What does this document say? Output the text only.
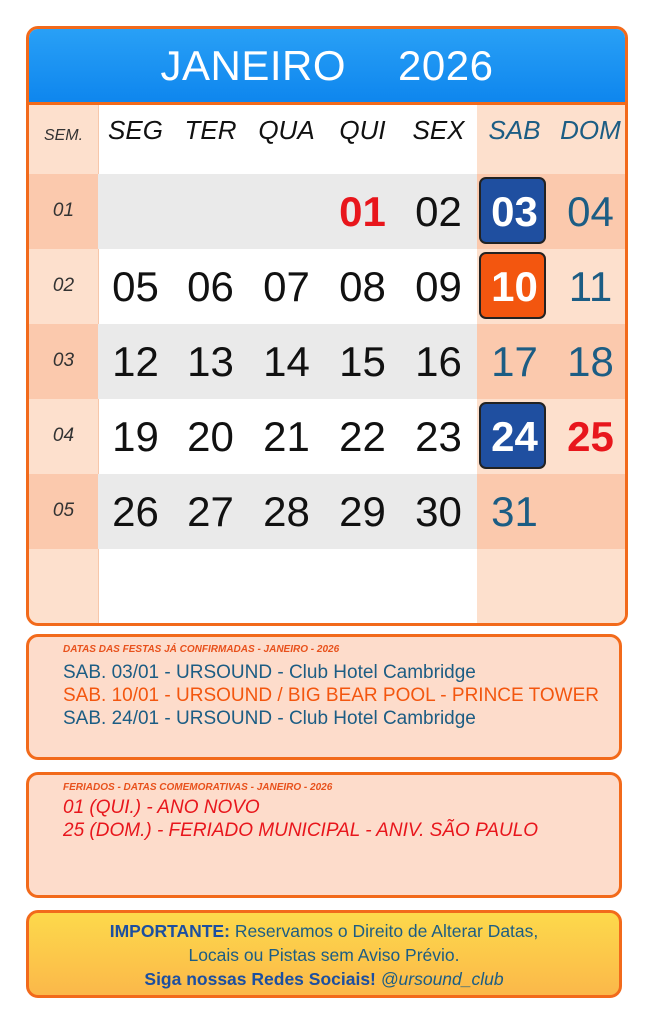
JANEIRO 2026
SEM. SEG TER QUA QUI	SEX SAB DOM
01	01 02 03 04
02 05 06 07 08 09 10 11
03 12 13 14 15 16 17 18
04 19 20 21 22 23 24 25
05 26 27 28 29 30 31
DATAS DAS FESTAS JÁ CONFIRMADAS - JANEIRO - 2026
SAB. 03/01 - URSOUND - Club Hotel Cambridge
SAB. 10/01 - URSOUND / BIG BEAR POOL - PRINCE TOWER
SAB. 24/01 - URSOUND - Club Hotel Cambridge
FERIADOS - DATAS COMEMORATIVAS - JANEIRO - 2026
01 (QUI.) - ANO NOVO
25 (DOM.) - FERIADO MUNICIPAL - ANIV. SÃO PAULO
IMPORTANTE: Reservamos o Direito de Alterar Datas,
Locais ou Pistas sem Aviso Prévio.
Siga nossas Redes Sociais! @ursound_club
